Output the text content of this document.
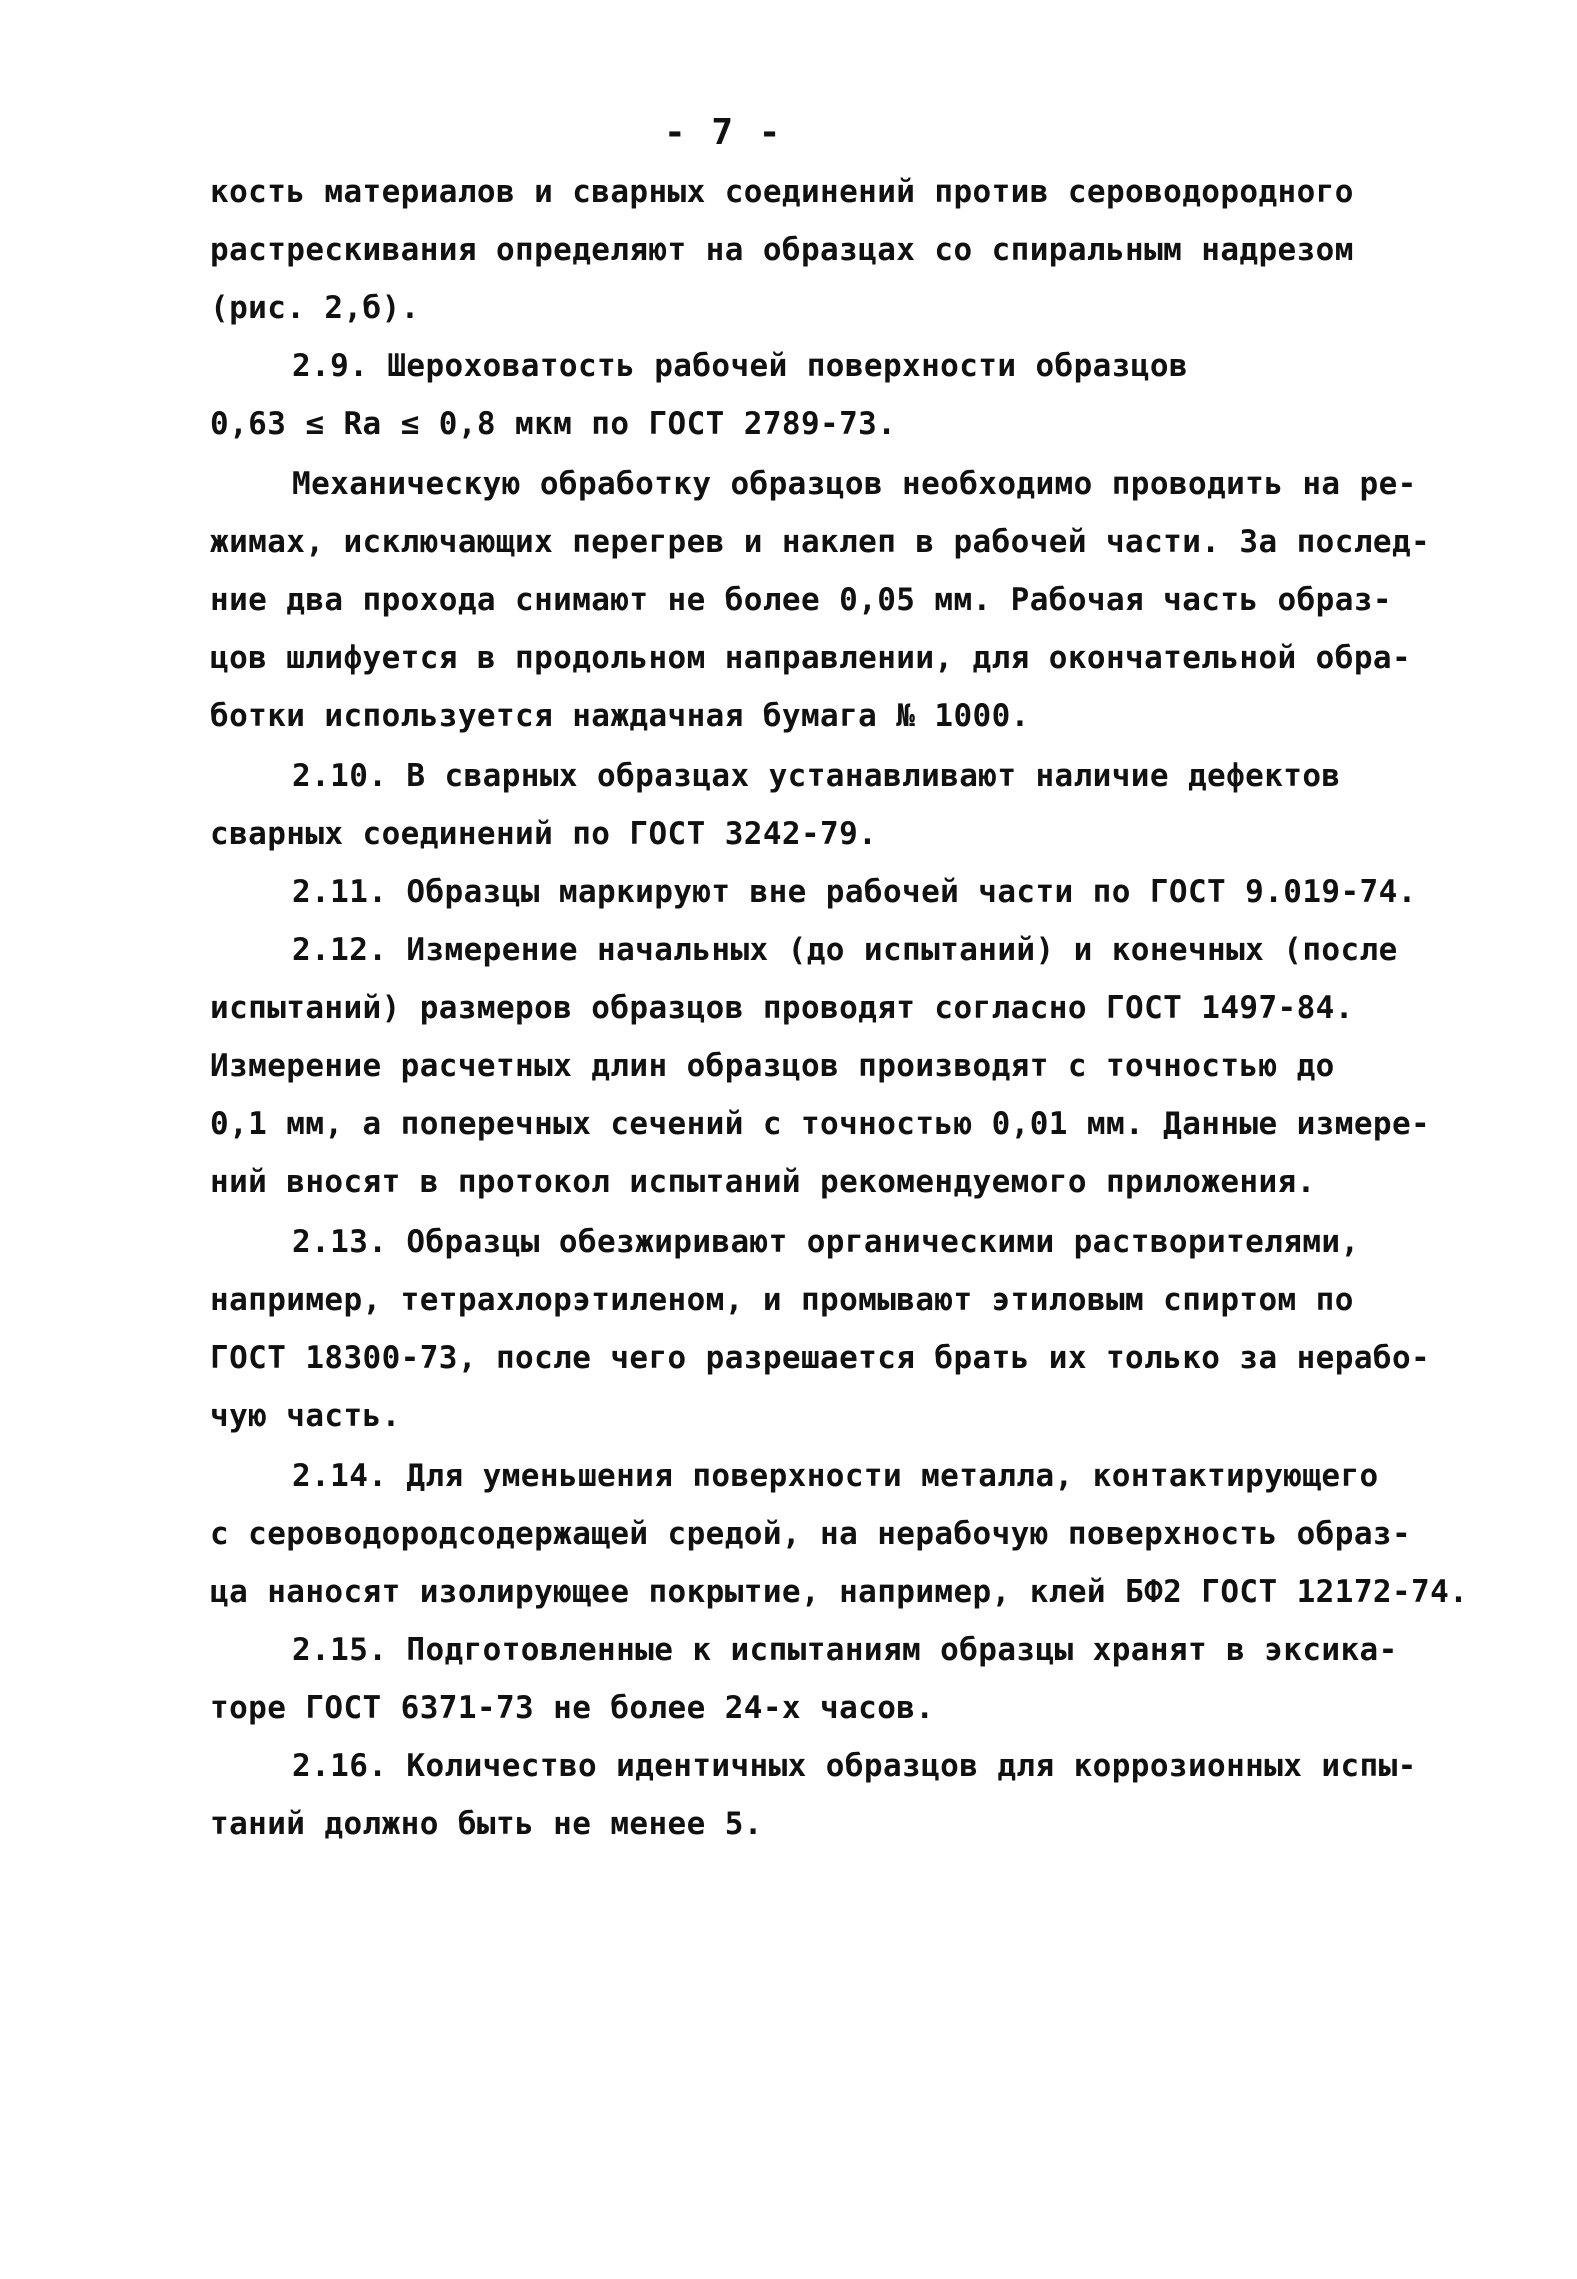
- 7 -
кость материалов и сварных соединений против сероводородного
растрескивания определяют на образцах со спиральным надрезом
(рис. 2,б).
2.9. Шероховатость рабочей поверхности образцов
0,63 ≤ Ra ≤ 0,8 мкм по ГОСТ 2789-73.
Механическую обработку образцов необходимо проводить на ре-
жимах, исключающих перегрев и наклеп в рабочей части. За послед-
ние два прохода снимают не более 0,05 мм. Рабочая часть образ-
цов шлифуется в продольном направлении, для окончательной обра-
ботки используется наждачная бумага № 1000.
2.10. В сварных образцах устанавливают наличие дефектов
сварных соединений по ГОСТ 3242-79.
2.11. Образцы маркируют вне рабочей части по ГОСТ 9.019-74.
2.12. Измерение начальных (до испытаний) и конечных (после
испытаний) размеров образцов проводят согласно ГОСТ 1497-84.
Измерение расчетных длин образцов производят с точностью до
0,1 мм, а поперечных сечений с точностью 0,01 мм. Данные измере-
ний вносят в протокол испытаний рекомендуемого приложения.
2.13. Образцы обезжиривают органическими растворителями,
например, тетрахлорэтиленом, и промывают этиловым спиртом по
ГОСТ 18300-73, после чего разрешается брать их только за нерабо-
чую часть.
2.14. Для уменьшения поверхности металла, контактирующего
с сероводородсодержащей средой, на нерабочую поверхность образ-
ца наносят изолирующее покрытие, например, клей БФ2 ГОСТ 12172-74.
2.15. Подготовленные к испытаниям образцы хранят в эксика-
торе ГОСТ 6371-73 не более 24-х часов.
2.16. Количество идентичных образцов для коррозионных испы-
таний должно быть не менее 5.
